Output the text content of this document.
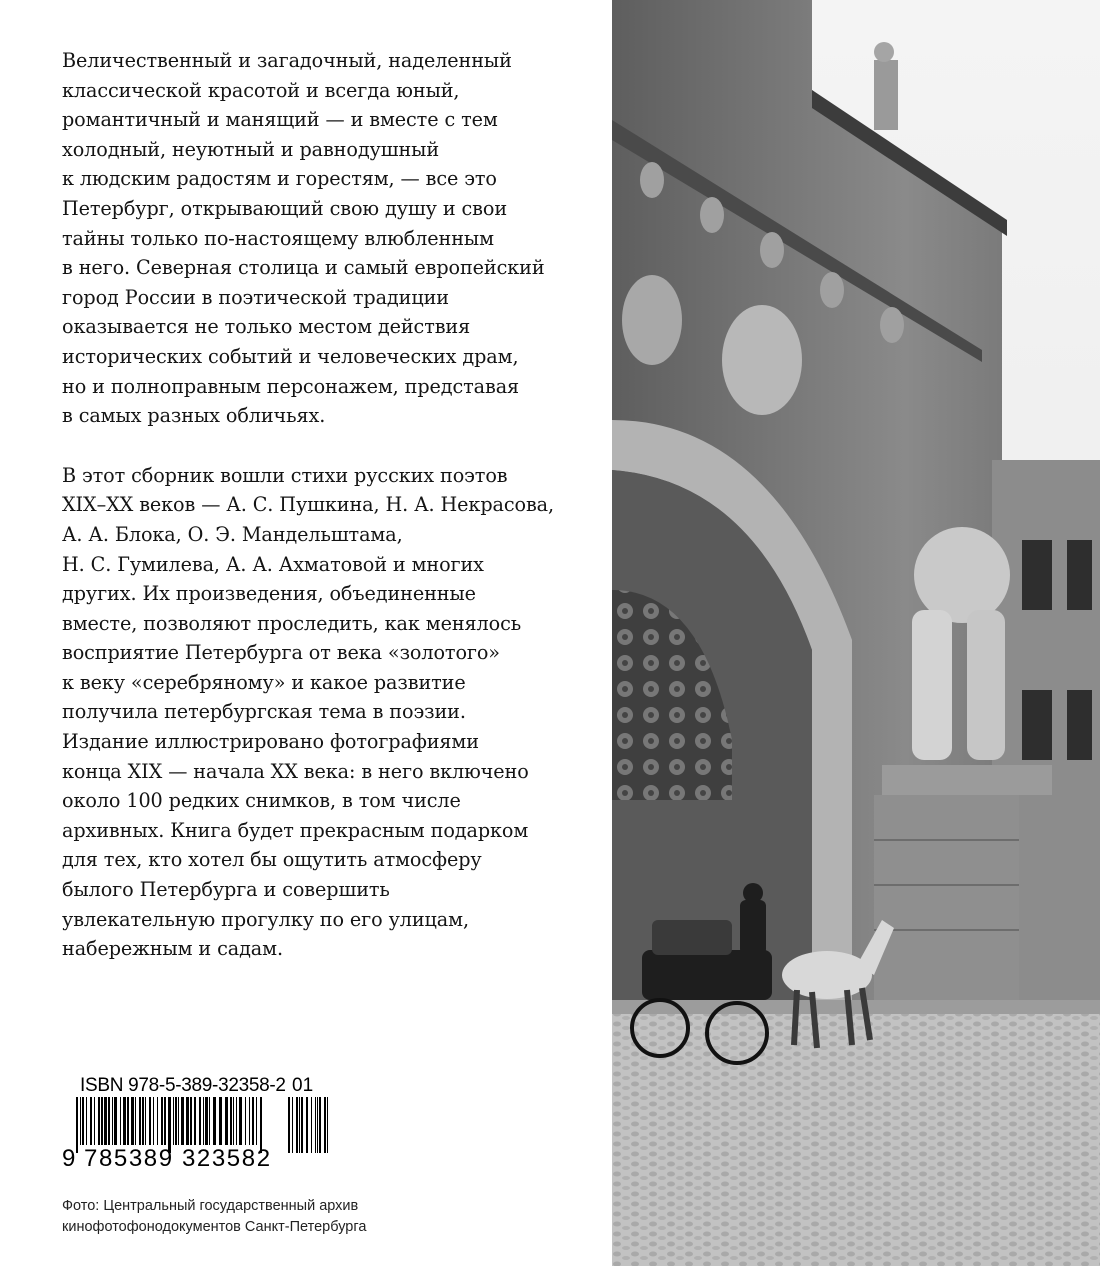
Величественный и загадочный, наделенный
классической красотой и всегда юный,
романтичный и манящий — и вместе с тем
холодный, неуютный и равнодушный
к людским радостям и горестям, — все это
Петербург, открывающий свою душу и свои
тайны только по-настоящему влюбленным
в него. Северная столица и самый европейский
город России в поэтической традиции
оказывается не только местом действия
исторических событий и человеческих драм,
но и полноправным персонажем, представая
в самых разных обличьях.

В этот сборник вошли стихи русских поэтов
XIX–XX веков — А. С. Пушкина, Н. А. Некрасова,
А. А. Блока, О. Э. Мандельштама,
Н. С. Гумилева, А. А. Ахматовой и многих
других. Их произведения, объединенные
вместе, позволяют проследить, как менялось
восприятие Петербурга от века «золотого»
к веку «серебряному» и какое развитие
получила петербургская тема в поэзии.
Издание иллюстрировано фотографиями
конца XIX — начала XX века: в него включено
около 100 редких снимков, в том числе
архивных. Книга будет прекрасным подарком
для тех, кто хотел бы ощутить атмосферу
былого Петербурга и совершить
увлекательную прогулку по его улицам,
набережным и садам.

ISBN 978-5-389-32358-2 01
9 785389 323582
Фото: Центральный государственный архив
кинофотофонодокументов Санкт-Петербурга
